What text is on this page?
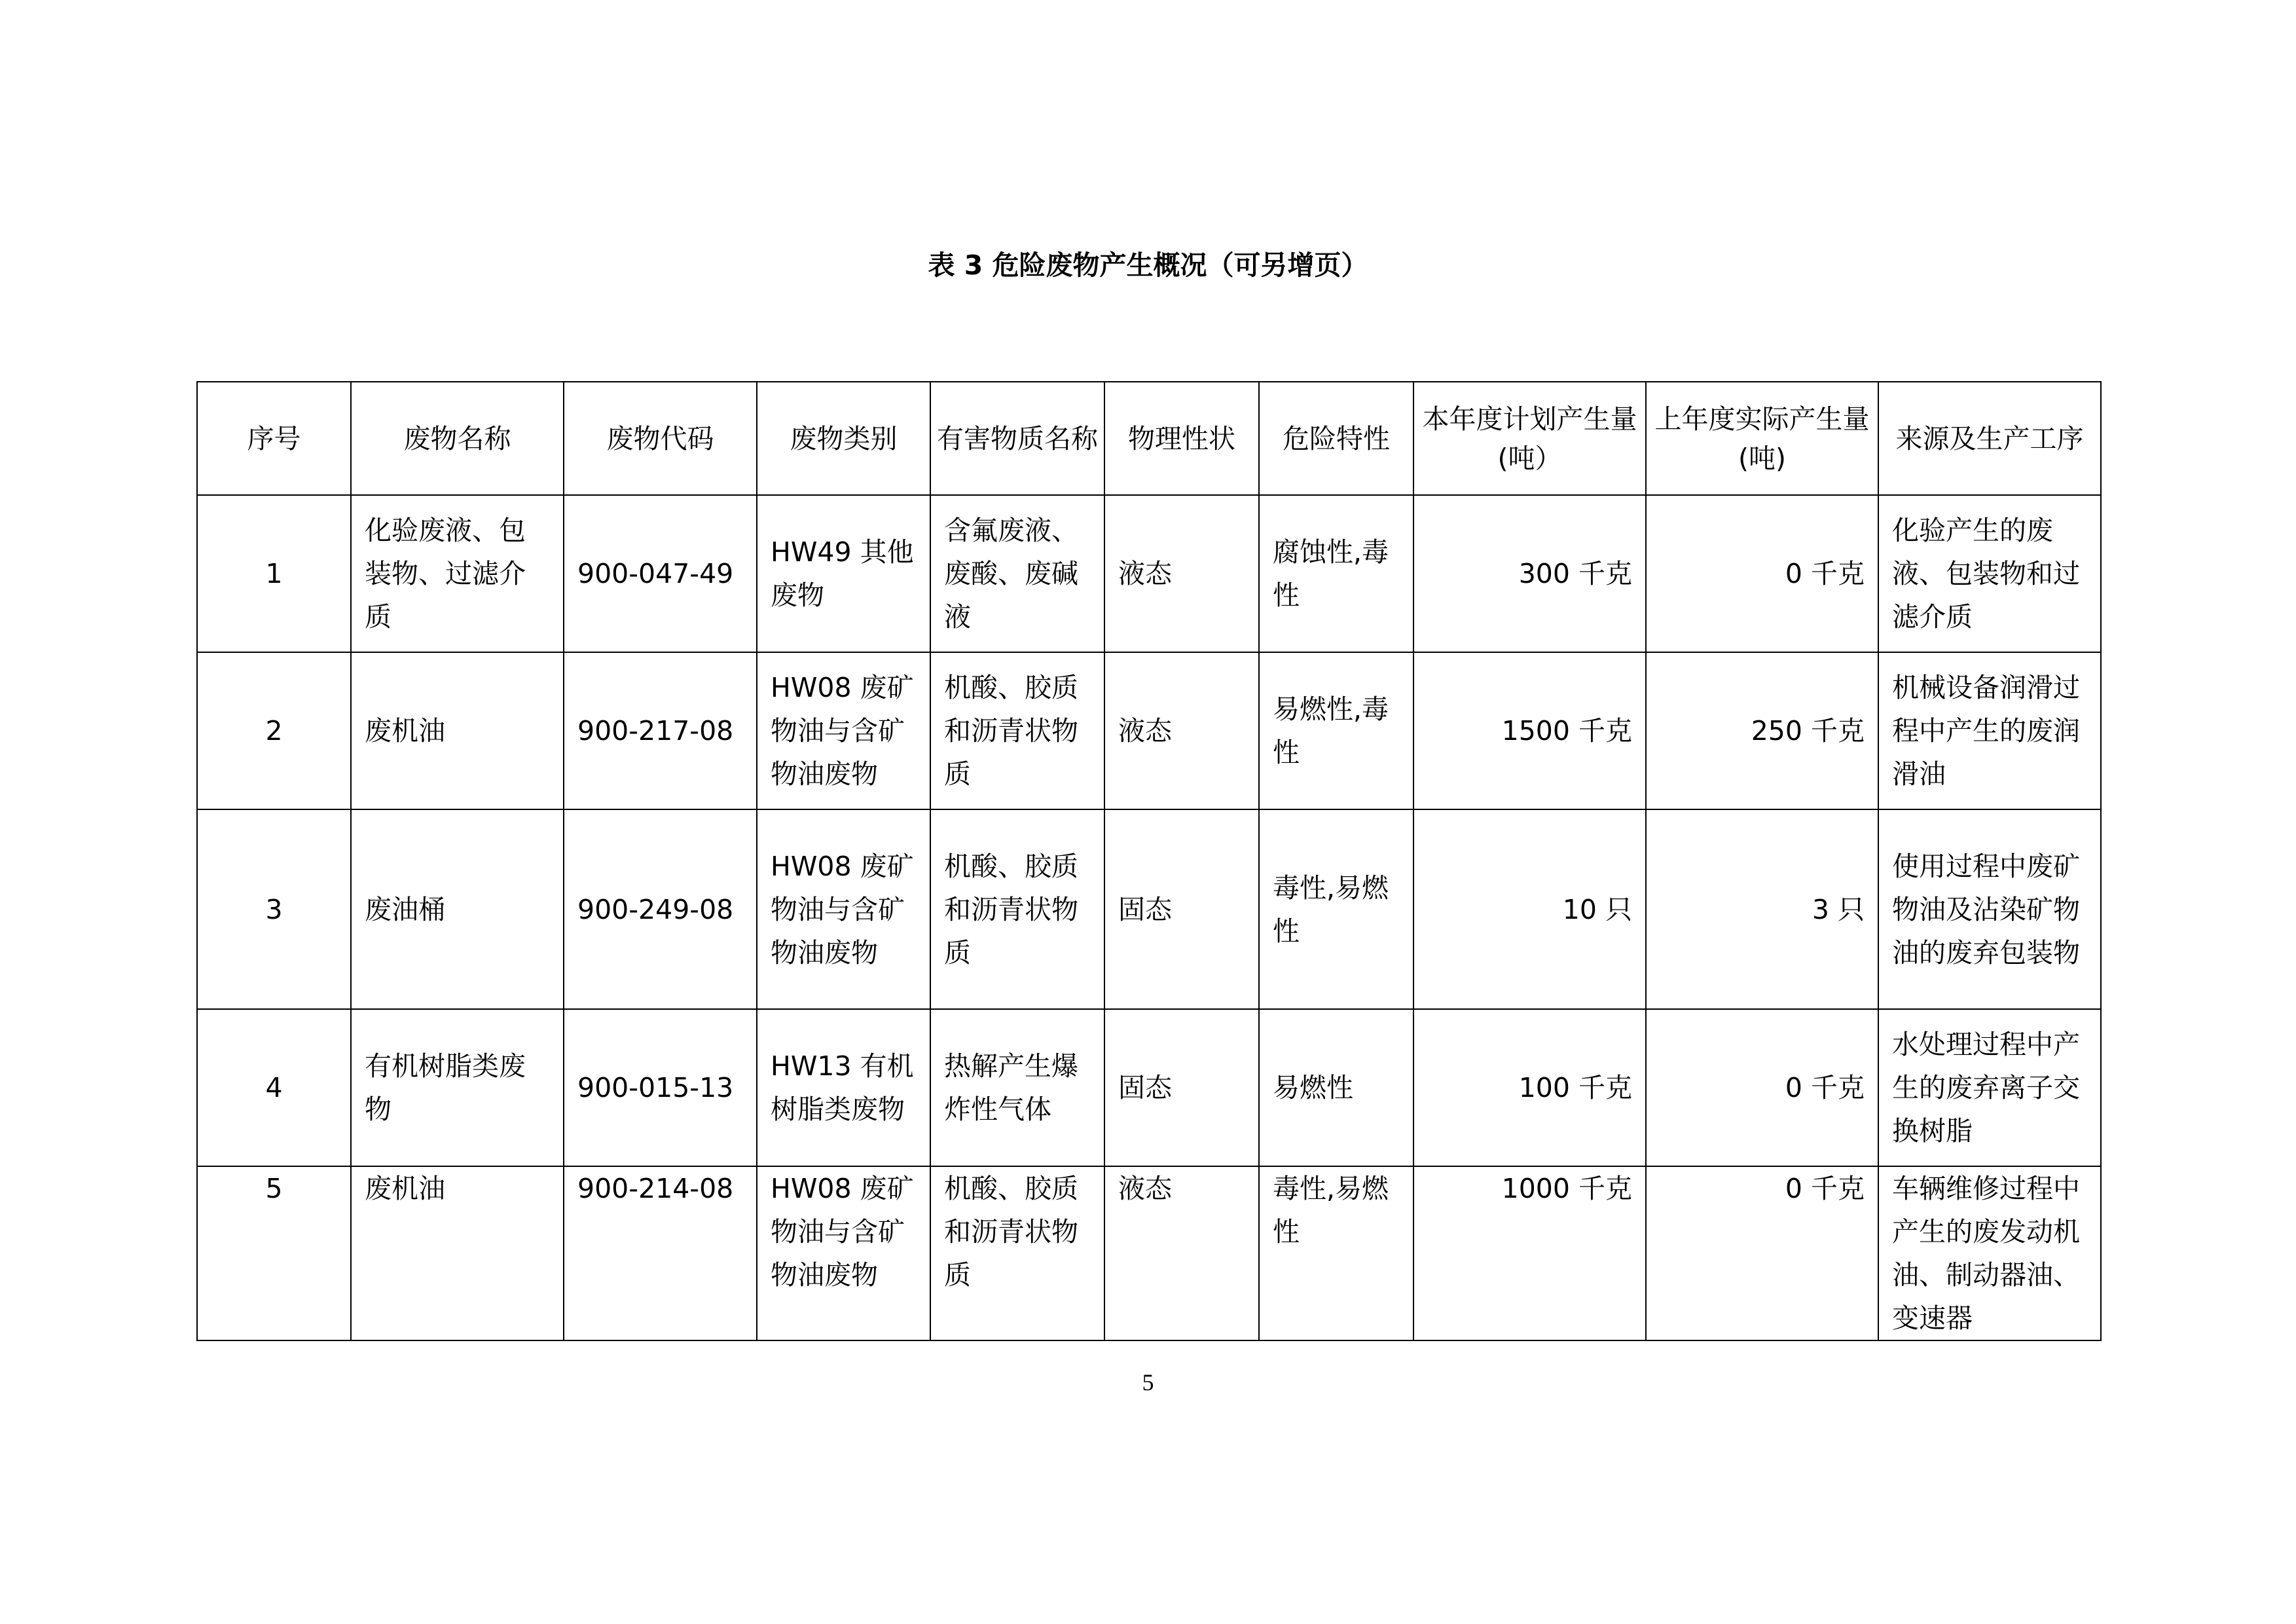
表 3 危险废物产生概况（可另增页）
序号	废物名称	废物代码	废物类别	有害物质名称	物理性状	危险特性	本年度计划产生量(吨）	上年度实际产生量(吨)	来源及生产工序
1	化验废液、包装物、过滤介质	900-047-49	HW49 其他废物	含氟废液、废酸、废碱液	液态	腐蚀性,毒性	300 千克	0 千克	化验产生的废液、包装物和过滤介质
2	废机油	900-217-08	HW08 废矿物油与含矿物油废物	机酸、胶质和沥青状物质	液态	易燃性,毒性	1500 千克	250 千克	机械设备润滑过程中产生的废润滑油
3	废油桶	900-249-08	HW08 废矿物油与含矿物油废物	机酸、胶质和沥青状物质	固态	毒性,易燃性	10 只	3 只	使用过程中废矿物油及沾染矿物油的废弃包装物
4	有机树脂类废物	900-015-13	HW13 有机树脂类废物	热解产生爆炸性气体	固态	易燃性	100 千克	0 千克	水处理过程中产生的废弃离子交换树脂
5	废机油	900-214-08	HW08 废矿物油与含矿物油废物	机酸、胶质和沥青状物质	液态	毒性,易燃性	1000 千克	0 千克	车辆维修过程中产生的废发动机油、制动器油、变速器
5
